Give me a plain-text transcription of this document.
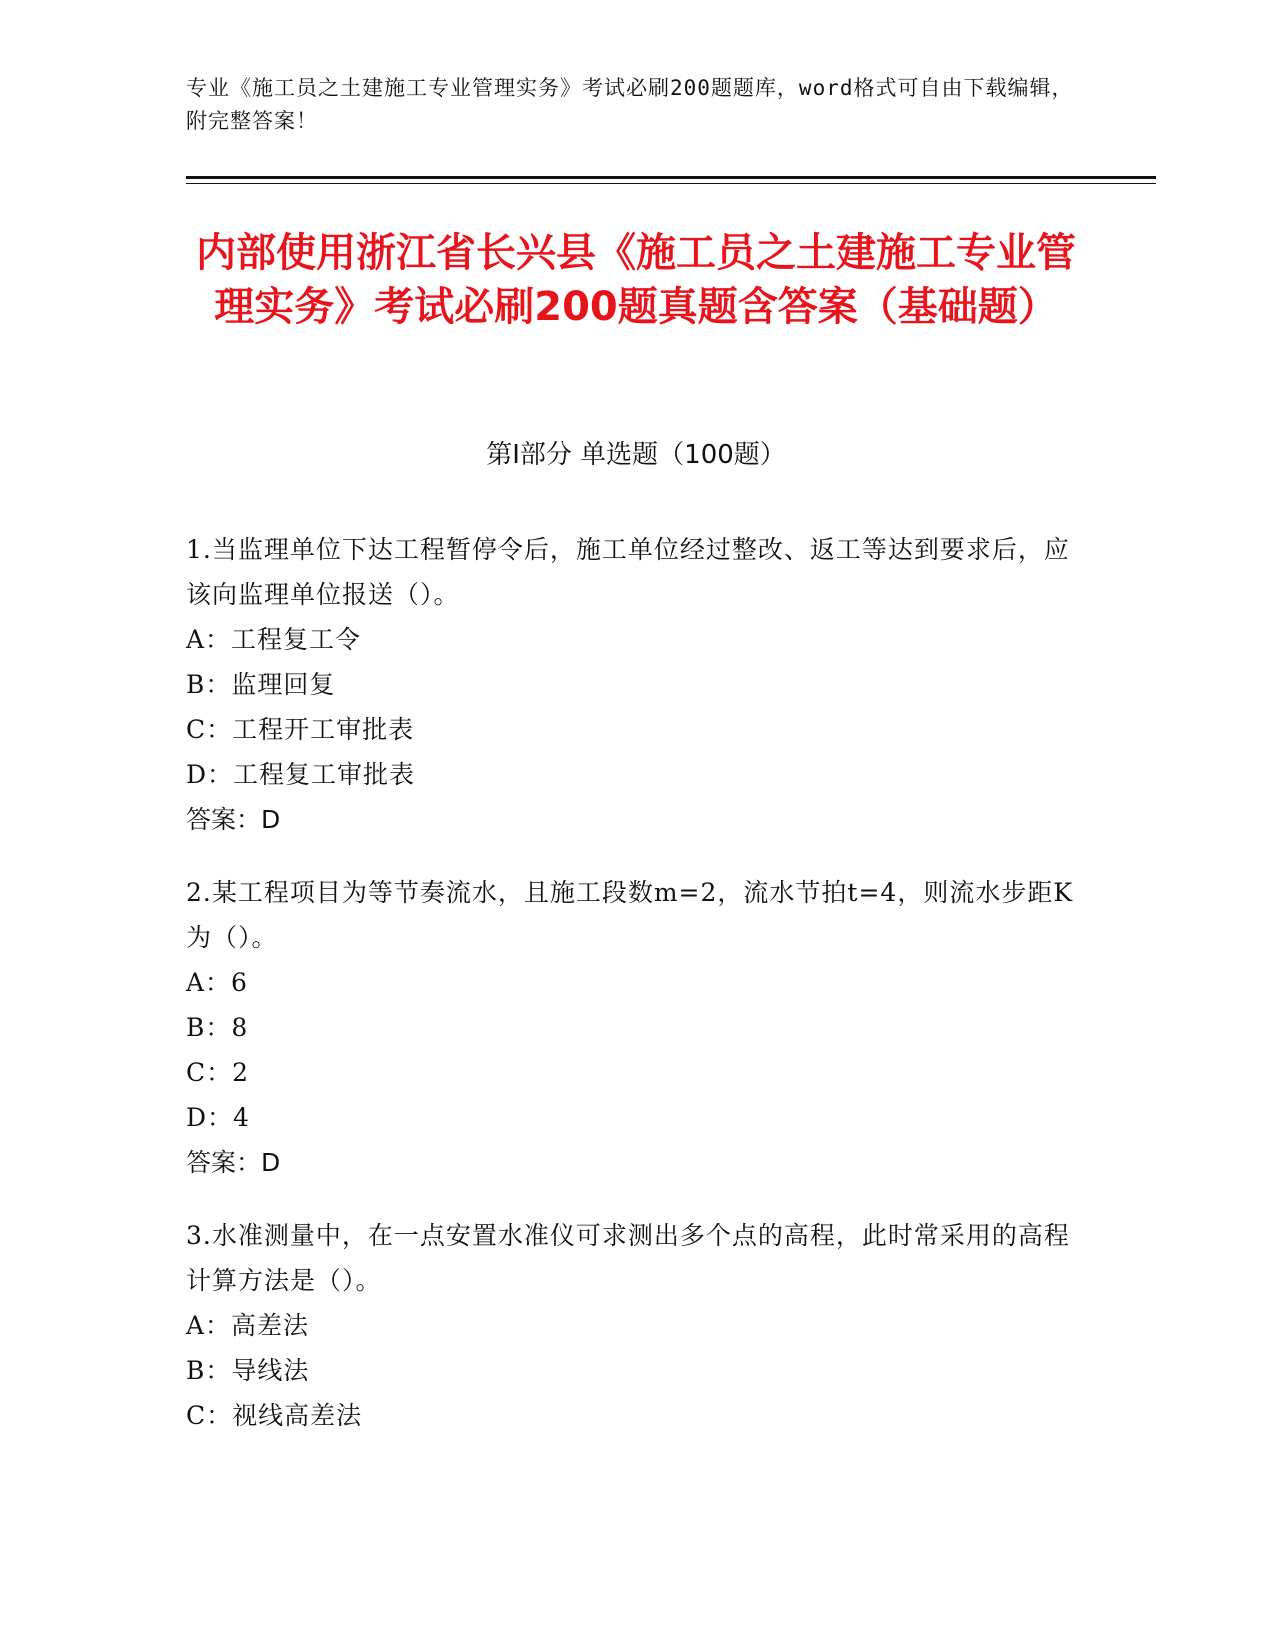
专业《施工员之土建施工专业管理实务》考试必刷200题题库，word格式可自由下载编辑，附完整答案！
内部使用浙江省长兴县《施工员之土建施工专业管理实务》考试必刷200题真题含答案（基础题）
第Ⅰ部分 单选题（100题）
1.当监理单位下达工程暂停令后，施工单位经过整改、返工等达到要求后，应该向监理单位报送（）。
A：工程复工令
B：监理回复
C：工程开工审批表
D：工程复工审批表
答案：D
2.某工程项目为等节奏流水，且施工段数m=2，流水节拍t=4，则流水步距K为（）。
A：6
B：8
C：2
D：4
答案：D
3.水准测量中，在一点安置水准仪可求测出多个点的高程，此时常采用的高程计算方法是（）。
A：高差法
B：导线法
C：视线高差法
